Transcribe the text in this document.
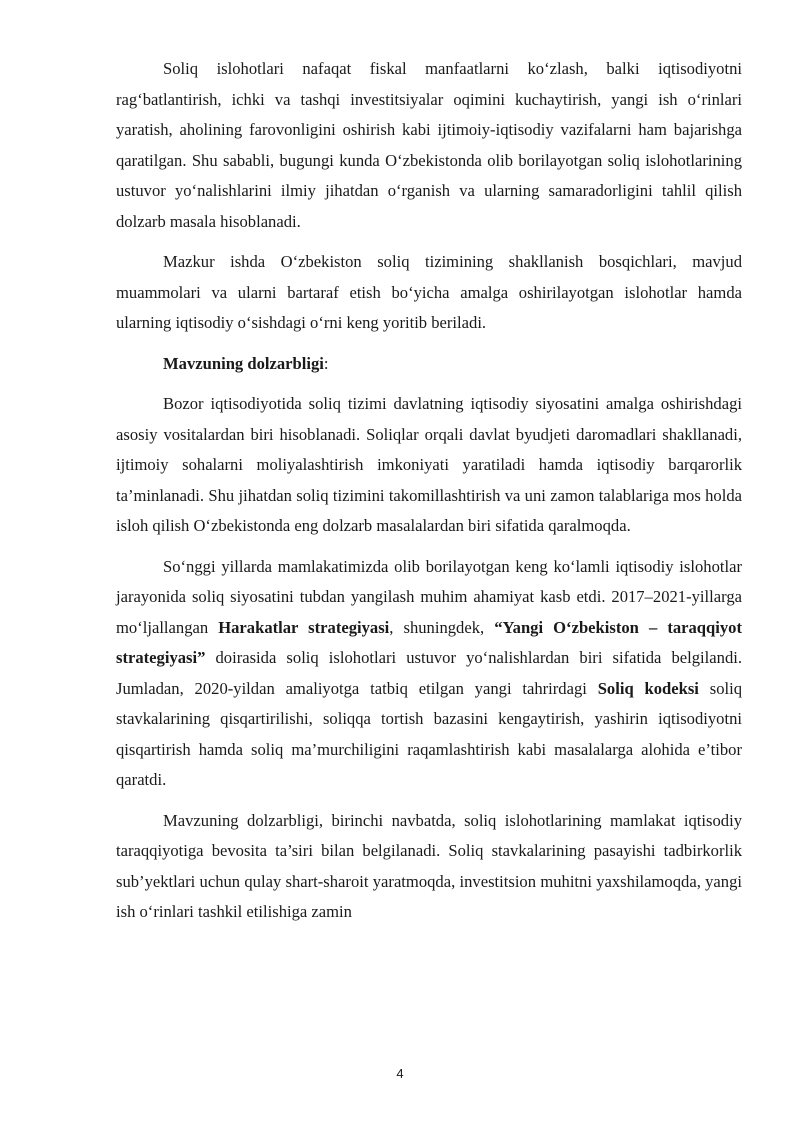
Soliq islohotlari nafaqat fiskal manfaatlarni ko‘zlash, balki iqtisodiyotni rag‘batlantirish, ichki va tashqi investitsiyalar oqimini kuchaytirish, yangi ish o‘rinlari yaratish, aholining farovonligini oshirish kabi ijtimoiy-iqtisodiy vazifalarni ham bajarishga qaratilgan. Shu sababli, bugungi kunda O‘zbekistonda olib borilayotgan soliq islohotlarining ustuvor yo‘nalishlarini ilmiy jihatdan o‘rganish va ularning samaradorligini tahlil qilish dolzarb masala hisoblanadi.

Mazkur ishda O‘zbekiston soliq tizimining shakllanish bosqichlari, mavjud muammolari va ularni bartaraf etish bo‘yicha amalga oshirilayotgan islohotlar hamda ularning iqtisodiy o‘sishdagi o‘rni keng yoritib beriladi.

Mavzuning dolzarbligi:

Bozor iqtisodiyotida soliq tizimi davlatning iqtisodiy siyosatini amalga oshirishdagi asosiy vositalardan biri hisoblanadi. Soliqlar orqali davlat byudjeti daromadlari shakllanadi, ijtimoiy sohalarni moliyalashtirish imkoniyati yaratiladi hamda iqtisodiy barqarorlik ta’minlanadi. Shu jihatdan soliq tizimini takomillashtirish va uni zamon talablariga mos holda isloh qilish O‘zbekistonda eng dolzarb masalalardan biri sifatida qaralmoqda.

So‘nggi yillarda mamlakatimizda olib borilayotgan keng ko‘lamli iqtisodiy islohotlar jarayonida soliq siyosatini tubdan yangilash muhim ahamiyat kasb etdi. 2017–2021-yillarga mo‘ljallangan Harakatlar strategiyasi, shuningdek, “Yangi O‘zbekiston – taraqqiyot strategiyasi” doirasida soliq islohotlari ustuvor yo‘nalishlardan biri sifatida belgilandi. Jumladan, 2020-yildan amaliyotga tatbiq etilgan yangi tahrirdagi Soliq kodeksi soliq stavkalarining qisqartirilishi, soliqqa tortish bazasini kengaytirish, yashirin iqtisodiyotni qisqartirish hamda soliq ma’murchiligini raqamlashtirish kabi masalalarga alohida e’tibor qaratdi.

Mavzuning dolzarbligi, birinchi navbatda, soliq islohotlarining mamlakat iqtisodiy taraqqiyotiga bevosita ta’siri bilan belgilanadi. Soliq stavkalarining pasayishi tadbirkorlik sub’yektlari uchun qulay shart-sharoit yaratmoqda, investitsion muhitni yaxshilamoqda, yangi ish o‘rinlari tashkil etilishiga zamin

4
